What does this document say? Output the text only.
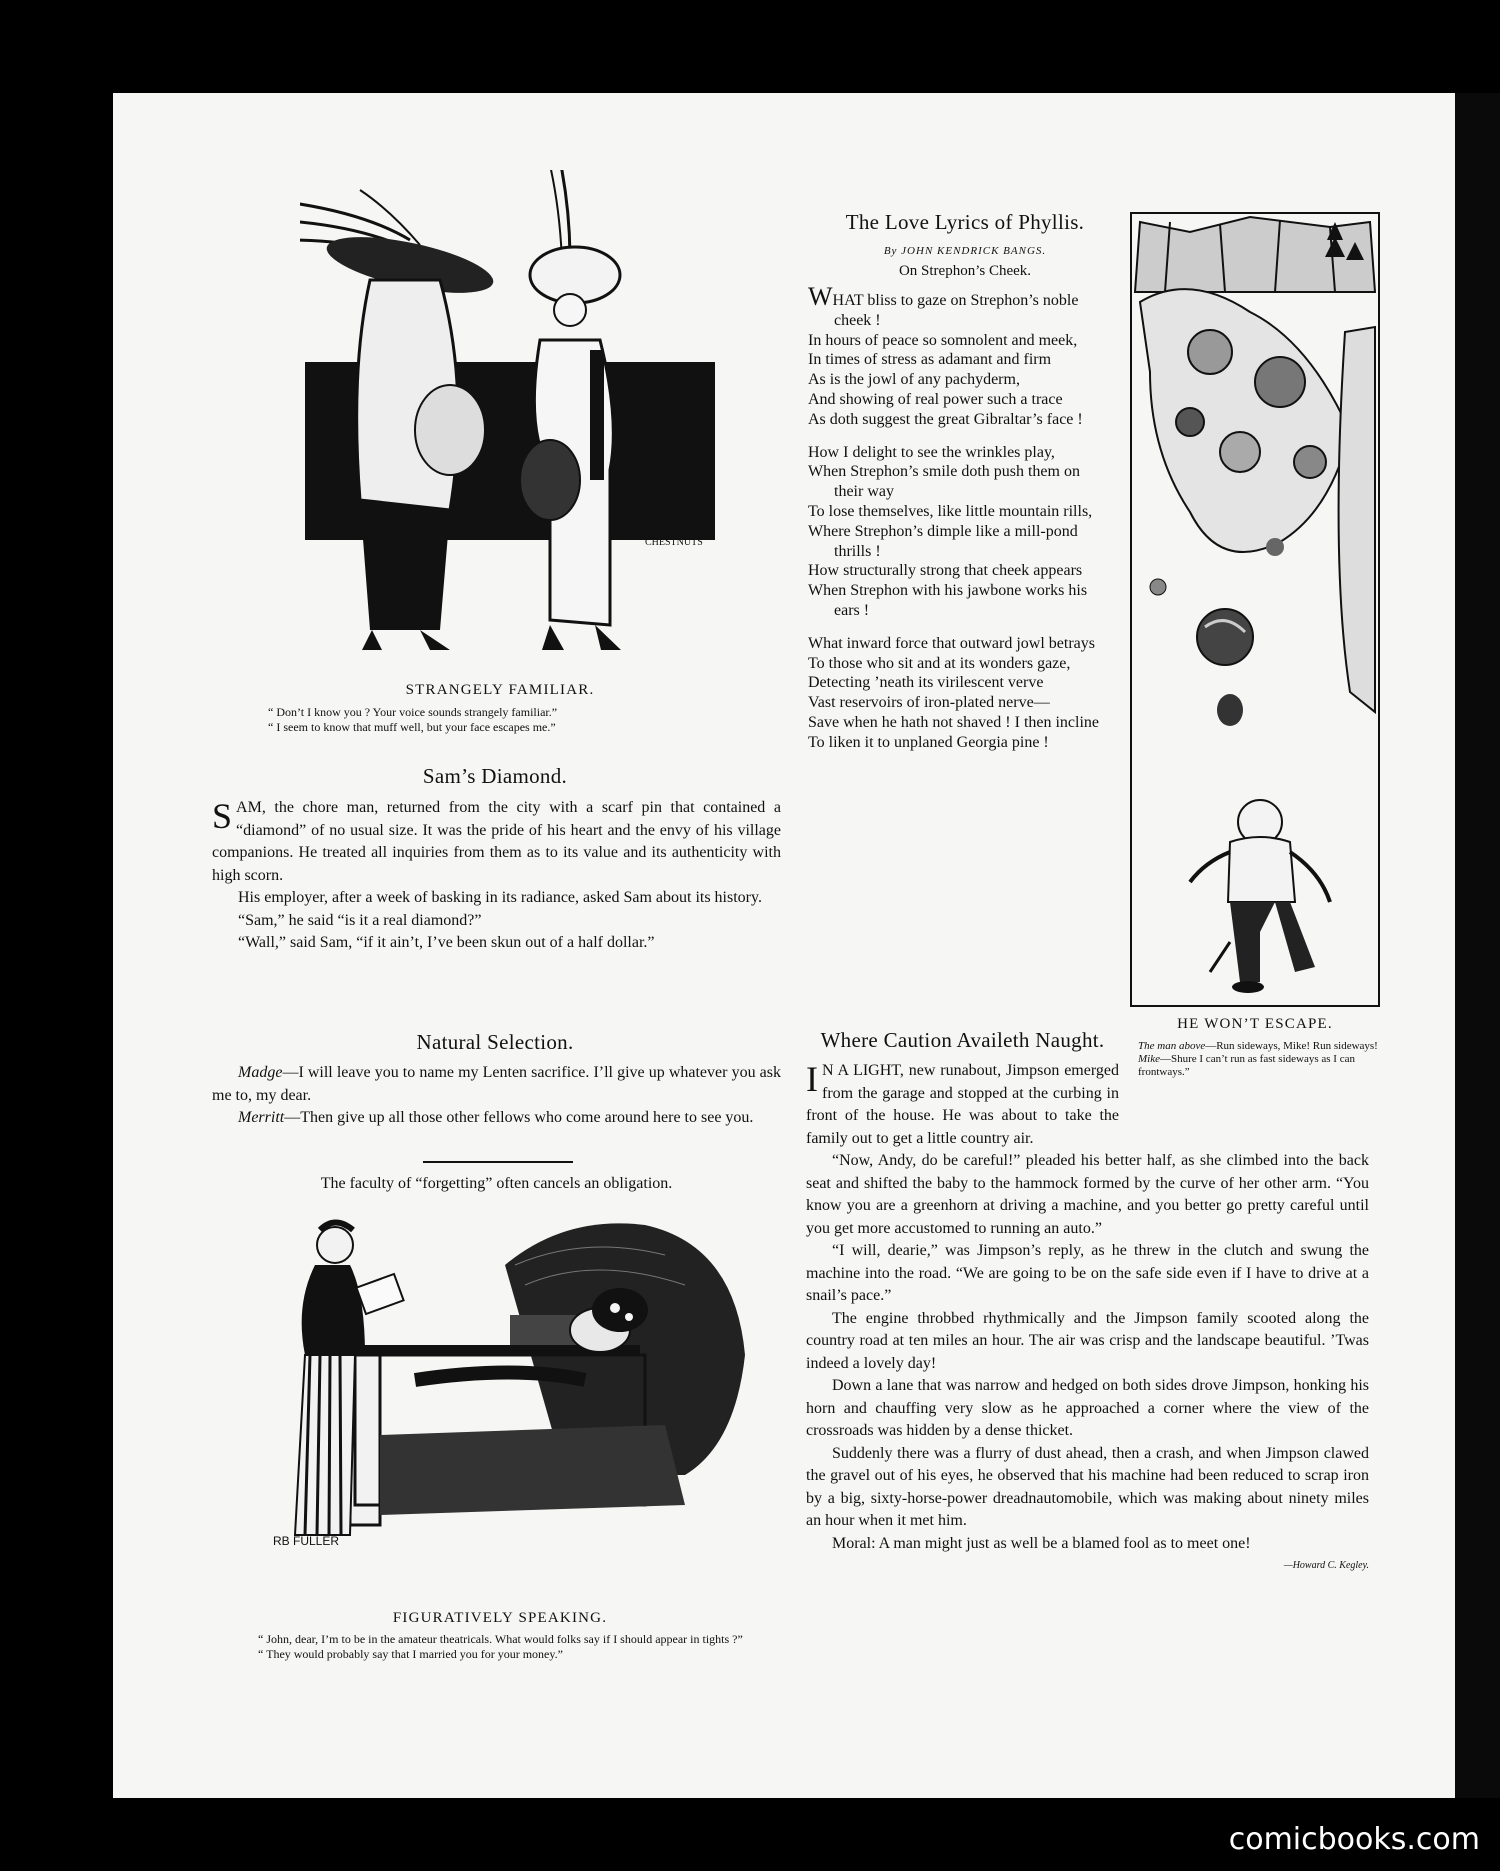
CHESTNUTS
STRANGELY FAMILIAR.
“ Don’t I know you ? Your voice sounds strangely familiar.”
“ I seem to know that muff well, but your face escapes me.”
Sam’s Diamond.

SAM, the chore man, returned from the city with a scarf pin that contained a “diamond” of no usual size. It was the pride of his heart and the envy of his village companions. He treated all inquiries from them as to its value and its authenticity with high scorn.

His employer, after a week of basking in its radiance, asked Sam about its history.

“Sam,” he said “is it a real diamond?”

“Wall,” said Sam, “if it ain’t, I’ve been skun out of a half dollar.”

Natural Selection.

Madge—I will leave you to name my Lenten sacrifice. I’ll give up whatever you ask me to, my dear.

Merritt—Then give up all those other fellows who come around here to see you.

The faculty of “forgetting” often cancels an obligation.
RB FULLER
FIGURATIVELY SPEAKING.
“ John, dear, I’m to be in the amateur theatricals. What would folks say if I should appear in tights ?”
“ They would probably say that I married you for your money.”
The Love Lyrics of Phyllis.
By JOHN KENDRICK BANGS.
On Strephon’s Cheek.
WHAT bliss to gaze on Strephon’s noble cheek !
In hours of peace so somnolent and meek,
In times of stress as adamant and firm
As is the jowl of any pachyderm,
And showing of real power such a trace
As doth suggest the great Gibraltar’s face !
How I delight to see the wrinkles play,
When Strephon’s smile doth push them on their way
To lose themselves, like little mountain rills,
Where Strephon’s dimple like a mill-pond thrills !
How structurally strong that cheek appears
When Strephon with his jawbone works his ears !
What inward force that outward jowl betrays
To those who sit and at its wonders gaze,
Detecting ’neath its virilescent verve
Vast reservoirs of iron-plated nerve—
Save when he hath not shaved ! I then incline
To liken it to unplaned Georgia pine !
HE WON’T ESCAPE.
The man above—Run sideways, Mike! Run sideways!
Mike—Shure I can’t run as fast sideways as I can frontways.”
Where Caution Availeth Naught.

I N A LIGHT, new runabout, Jimpson emerged from the garage and stopped at the curbing in front of the house. He was about to take the family out to get a little country air.

“Now, Andy, do be careful!” pleaded his better half, as she climbed into the back seat and shifted the baby to the hammock formed by the curve of her other arm. “You know you are a greenhorn at driving a machine, and you better go pretty careful until you get more accustomed to running an auto.”

“I will, dearie,” was Jimpson’s reply, as he threw in the clutch and swung the machine into the road. “We are going to be on the safe side even if I have to drive at a snail’s pace.”

The engine throbbed rhythmically and the Jimpson family scooted along the country road at ten miles an hour. The air was crisp and the landscape beautiful. ’Twas indeed a lovely day!

Down a lane that was narrow and hedged on both sides drove Jimpson, honking his horn and chauffing very slow as he approached a corner where the view of the crossroads was hidden by a dense thicket.

Suddenly there was a flurry of dust ahead, then a crash, and when Jimpson clawed the gravel out of his eyes, he observed that his machine had been reduced to scrap iron by a big, sixty-horse-power dreadnautomobile, which was making about ninety miles an hour when it met him.

Moral: A man might just as well be a blamed fool as to meet one!

—Howard C. Kegley.
comicbooks.com
